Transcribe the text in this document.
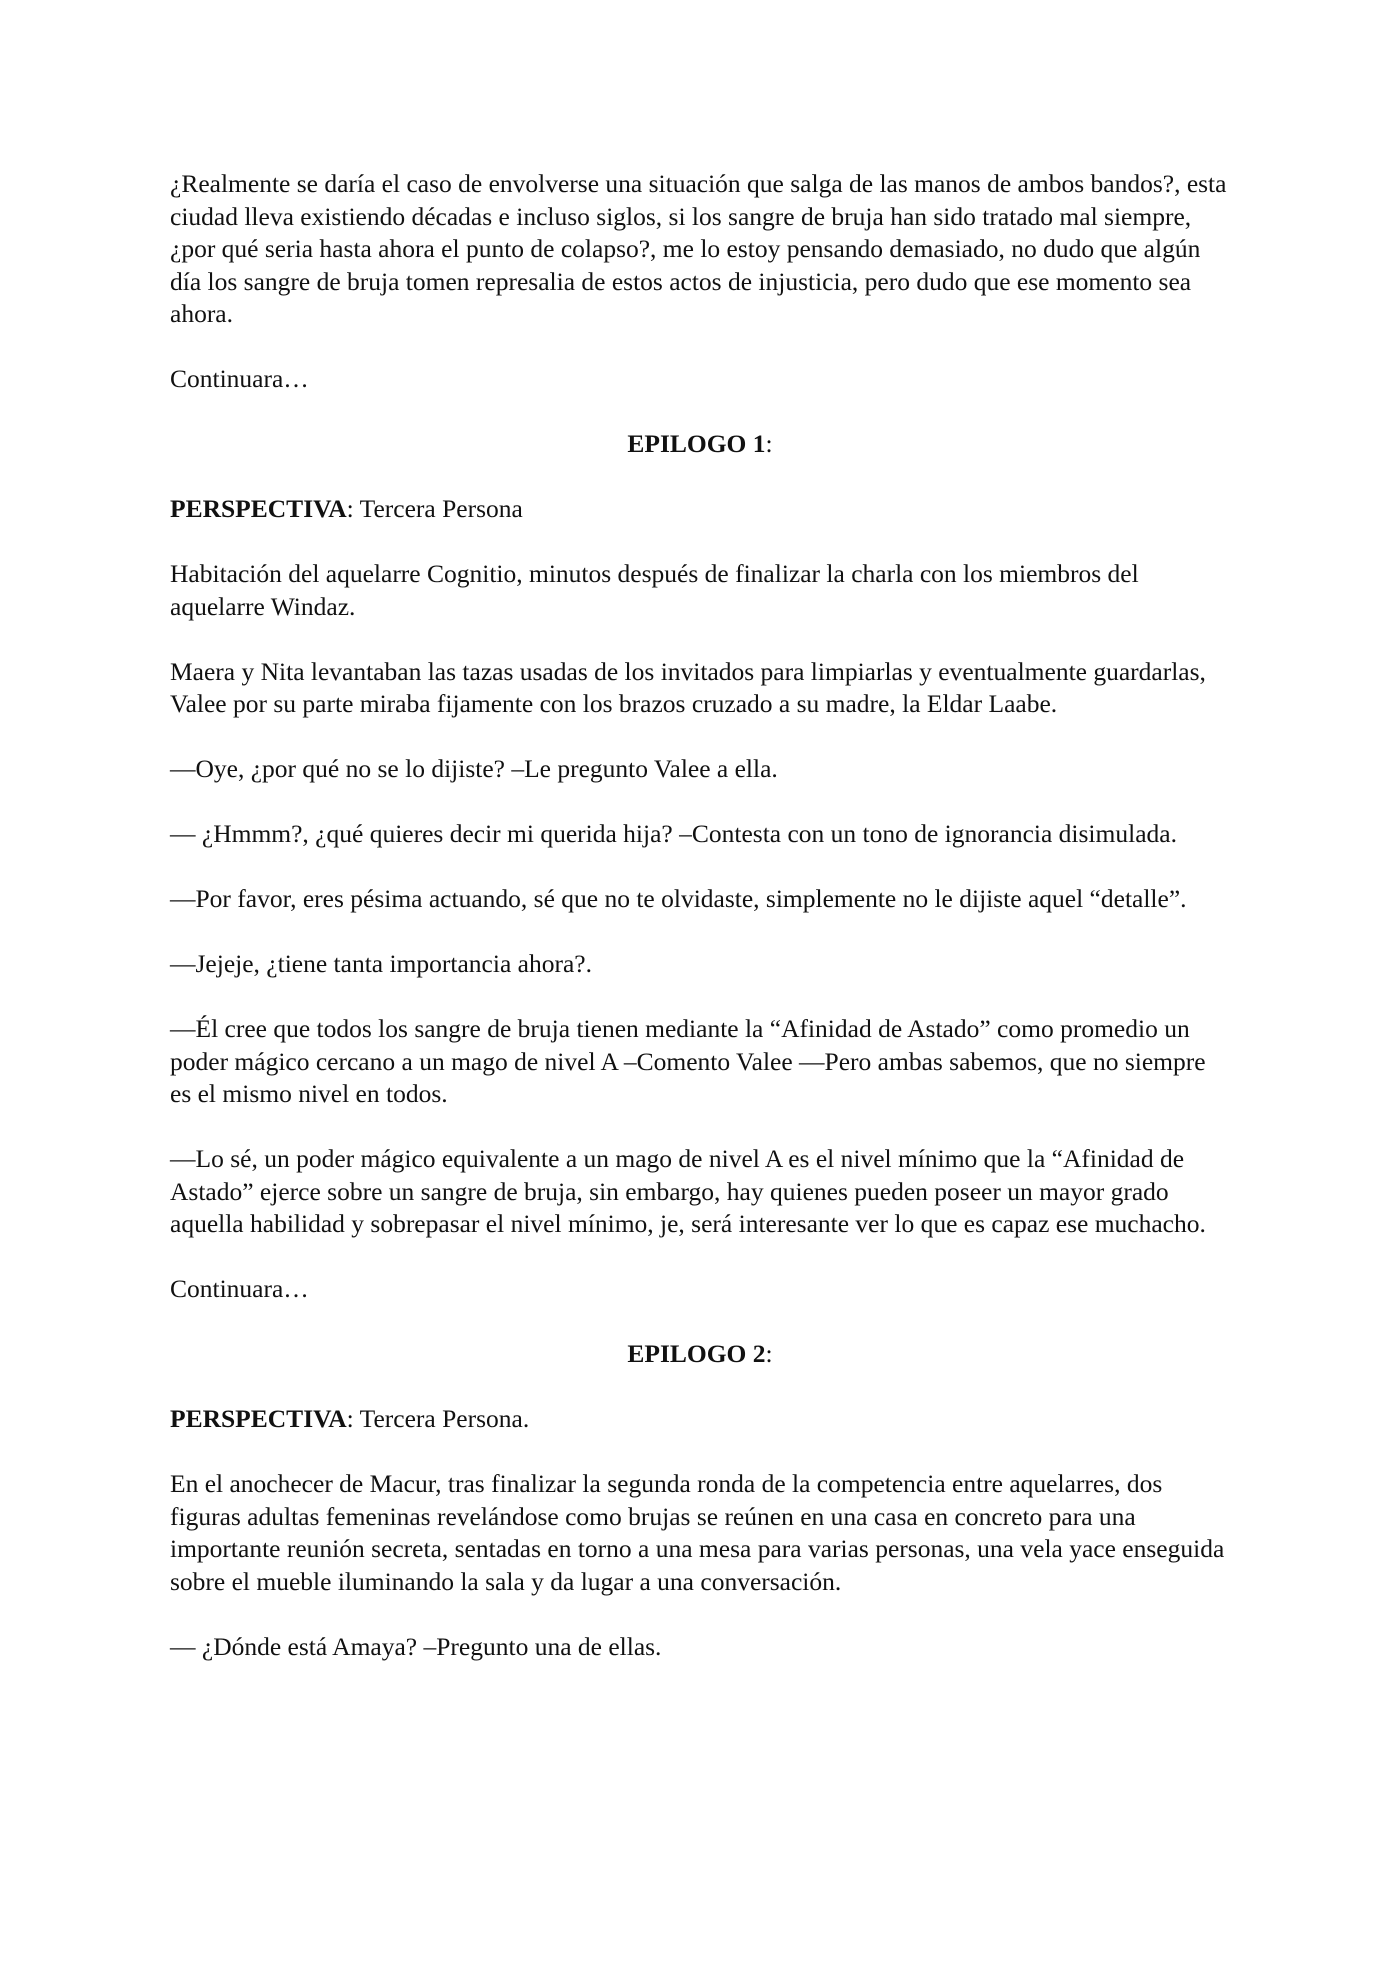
¿Realmente se daría el caso de envolverse una situación que salga de las manos de ambos bandos?, esta ciudad lleva existiendo décadas e incluso siglos, si los sangre de bruja han sido tratado mal siempre, ¿por qué seria hasta ahora el punto de colapso?, me lo estoy pensando demasiado, no dudo que algún día los sangre de bruja tomen represalia de estos actos de injusticia, pero dudo que ese momento sea ahora.

Continuara…

EPILOGO 1:

PERSPECTIVA: Tercera Persona

Habitación del aquelarre Cognitio, minutos después de finalizar la charla con los miembros del aquelarre Windaz.

Maera y Nita levantaban las tazas usadas de los invitados para limpiarlas y eventualmente guardarlas, Valee por su parte miraba fijamente con los brazos cruzado a su madre, la Eldar Laabe.

—Oye, ¿por qué no se lo dijiste? –Le pregunto Valee a ella.

— ¿Hmmm?, ¿qué quieres decir mi querida hija? –Contesta con un tono de ignorancia disimulada.

—Por favor, eres pésima actuando, sé que no te olvidaste, simplemente no le dijiste aquel “detalle”.

—Jejeje, ¿tiene tanta importancia ahora?.

—Él cree que todos los sangre de bruja tienen mediante la “Afinidad de Astado” como promedio un poder mágico cercano a un mago de nivel A –Comento Valee —Pero ambas sabemos, que no siempre es el mismo nivel en todos.

—Lo sé, un poder mágico equivalente a un mago de nivel A es el nivel mínimo que la “Afinidad de Astado” ejerce sobre un sangre de bruja, sin embargo, hay quienes pueden poseer un mayor grado aquella habilidad y sobrepasar el nivel mínimo, je, será interesante ver lo que es capaz ese muchacho.

Continuara…

EPILOGO 2:

PERSPECTIVA: Tercera Persona.

En el anochecer de Macur, tras finalizar la segunda ronda de la competencia entre aquelarres, dos figuras adultas femeninas revelándose como brujas se reúnen en una casa en concreto para una importante reunión secreta, sentadas en torno a una mesa para varias personas, una vela yace enseguida sobre el mueble iluminando la sala y da lugar a una conversación.

— ¿Dónde está Amaya? –Pregunto una de ellas.
